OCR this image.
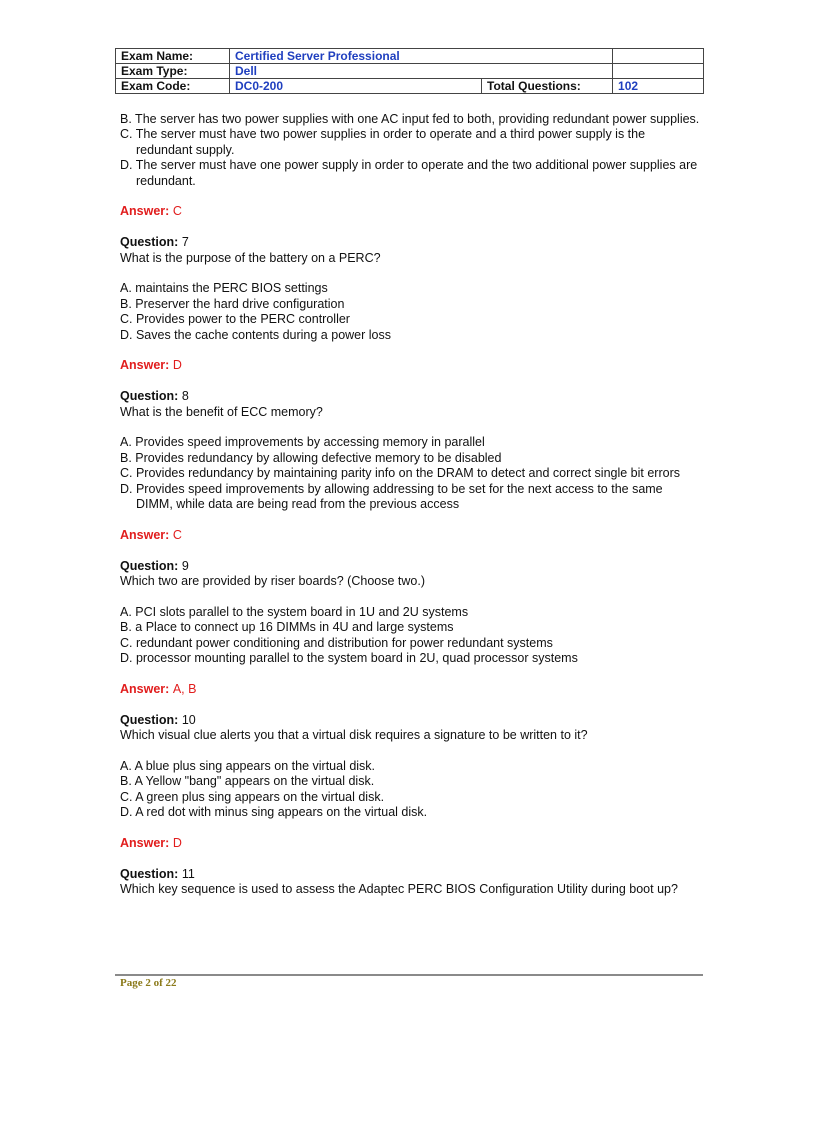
Exam Name:	Certified Server Professional		
Exam Type:	Dell		
Exam Code:	DC0-200	Total Questions:	102
B. The server has two power supplies with one AC input fed to both, providing redundant power supplies.
C. The server must have two power supplies in order to operate and a third power supply is the redundant supply.
D. The server must have one power supply in order to operate and the two additional power supplies are redundant.
Answer: C
Question: 7
What is the purpose of the battery on a PERC?
A. maintains the PERC BIOS settings
B. Preserver the hard drive configuration
C. Provides power to the PERC controller
D. Saves the cache contents during a power loss
Answer: D
Question: 8
What is the benefit of ECC memory?
A. Provides speed improvements by accessing memory in parallel
B. Provides redundancy by allowing defective memory to be disabled
C. Provides redundancy by maintaining parity info on the DRAM to detect and correct single bit errors
D. Provides speed improvements by allowing addressing to be set for the next access to the same DIMM, while data are being read from the previous access
Answer: C
Question: 9
Which two are provided by riser boards? (Choose two.)
A. PCI slots parallel to the system board in 1U and 2U systems
B. a Place to connect up 16 DIMMs in 4U and large systems
C. redundant power conditioning and distribution for power redundant systems
D. processor mounting parallel to the system board in 2U, quad processor systems
Answer: A, B
Question: 10
Which visual clue alerts you that a virtual disk requires a signature to be written to it?
A. A blue plus sing appears on the virtual disk.
B. A Yellow "bang" appears on the virtual disk.
C. A green plus sing appears on the virtual disk.
D. A red dot with minus sing appears on the virtual disk.
Answer: D
Question: 11
Which key sequence is used to assess the Adaptec PERC BIOS Configuration Utility during boot up?
Page 2 of 22
